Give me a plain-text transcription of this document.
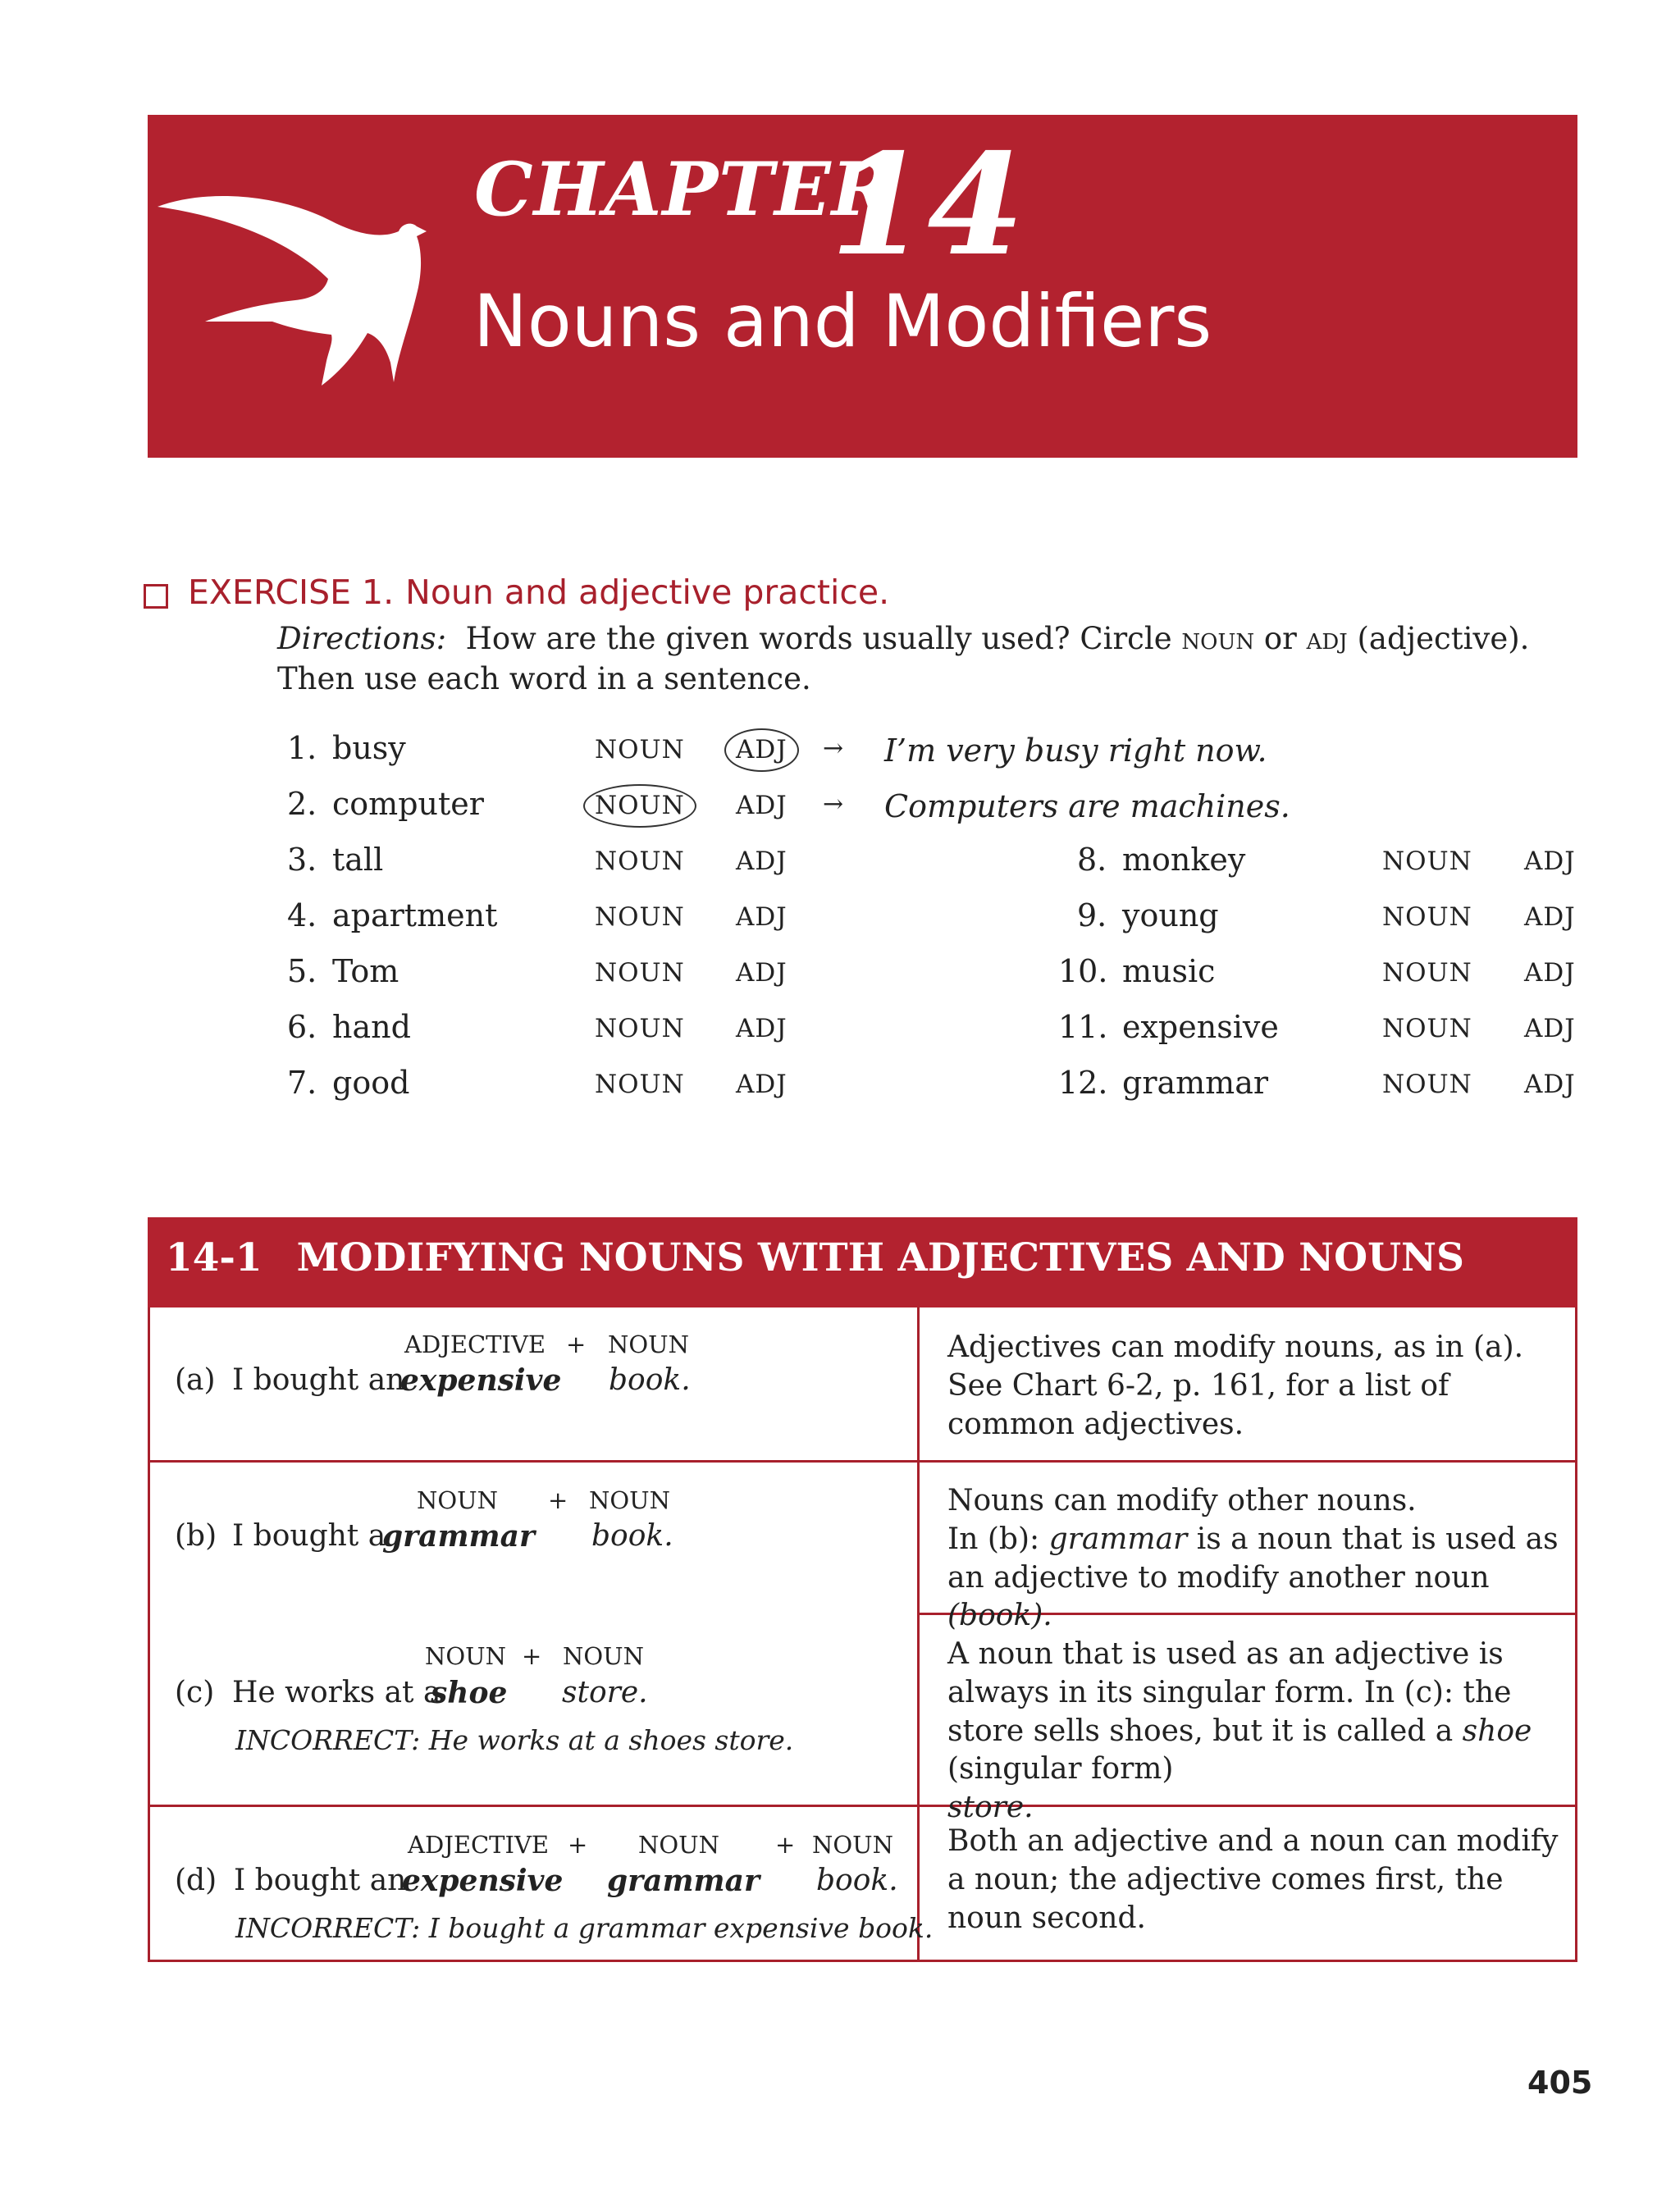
CHAPTER
14
Nouns and Modifiers
EXERCISE 1. Noun and adjective practice.
Directions: How are the given words usually used? Circle noun or adj (adjective).
Then use each word in a sentence.
1. busy	NOUN	ADJ	→ I’m very busy right now.
2. computer	NOUN	ADJ → Computers are machines.
3. tall	NOUN ADJ
4. apartment	NOUN ADJ
5. Tom	NOUN ADJ
6. hand	NOUN ADJ
7. good	NOUN ADJ
8. monkey	NOUN ADJ
9. young	NOUN ADJ
10. music	NOUN ADJ
11. expensive	NOUN ADJ
12. grammar	NOUN ADJ
14-1 MODIFYING NOUNS WITH ADJECTIVES AND NOUNS
ADJECTIVE + NOUN
(a) I bought an
expensive book.
Adjectives can modify nouns, as in (a). See Chart 6-2, p. 161, for a list of common adjectives.
NOUN + NOUN
(b) I bought a
grammar book.
Nouns can modify other nouns.
In (b): grammar is a noun that is used as an adjective to modify another noun (book).
NOUN + NOUN
(c) He works at a
shoe store.
INCORRECT: He works at a shoes store.
A noun that is used as an adjective is always in its singular form. In (c): the store sells shoes, but it is called a shoe (singular form)
store.
ADJECTIVE + NOUN + NOUN
(d) I bought an
expensive grammar book.
INCORRECT: I bought a grammar expensive book.
Both an adjective and a noun can modify a noun; the adjective comes first, the noun second.
405
